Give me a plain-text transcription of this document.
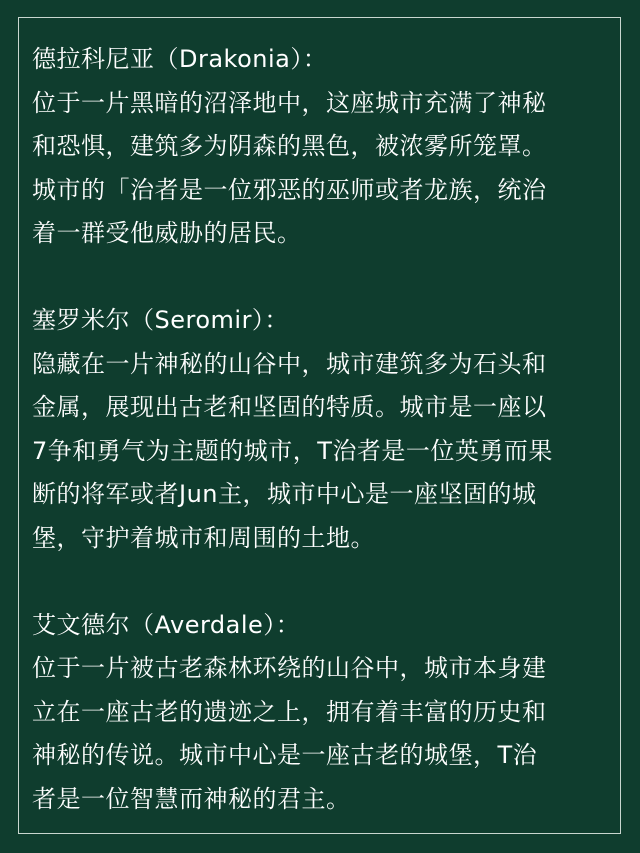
德拉科尼亚（Drakonia）：
位于一片黑暗的沼泽地中，这座城市充满了神秘
和恐惧，建筑多为阴森的黑色，被浓雾所笼罩。
城市的「治者是一位邪恶的巫师或者龙族，统治
着一群受他威胁的居民。
塞罗米尔（Seromir）：
隐藏在一片神秘的山谷中，城市建筑多为石头和
金属，展现出古老和坚固的特质。城市是一座以
7争和勇气为主题的城市，T治者是一位英勇而果
断的将军或者Jun主，城市中心是一座坚固的城
堡，守护着城市和周围的土地。
艾文德尔（Averdale）：
位于一片被古老森林环绕的山谷中，城市本身建
立在一座古老的遗迹之上，拥有着丰富的历史和
神秘的传说。城市中心是一座古老的城堡，T治
者是一位智慧而神秘的君主。
